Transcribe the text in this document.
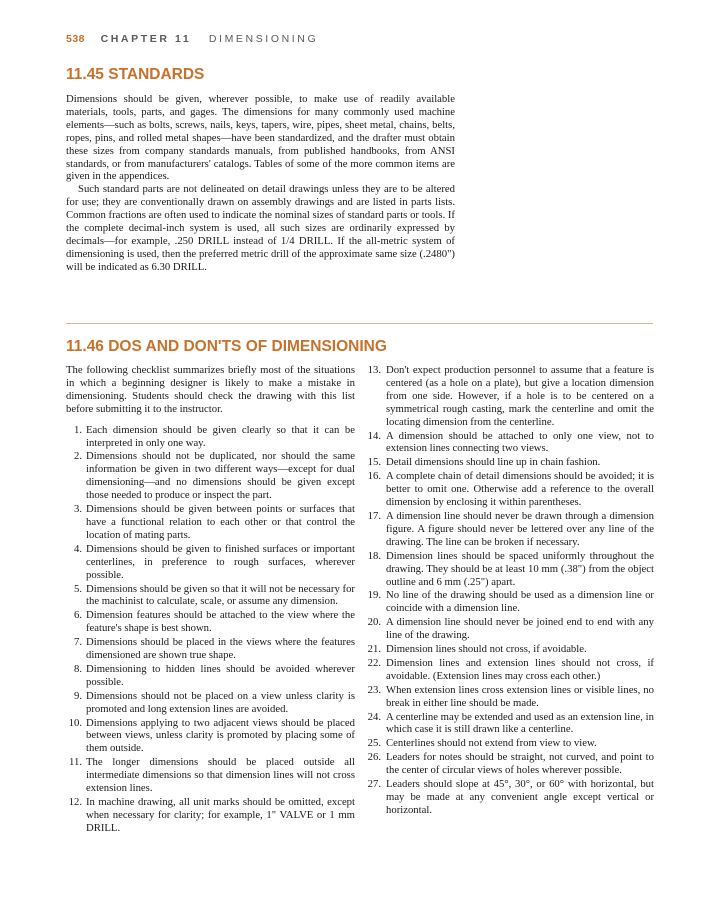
538 CHAPTER 11 DIMENSIONING
11.45 STANDARDS

Dimensions should be given, wherever possible, to make use of readily available materials, tools, parts, and gages. The dimensions for many commonly used machine elements—such as bolts, screws, nails, keys, tapers, wire, pipes, sheet metal, chains, belts, ropes, pins, and rolled metal shapes—have been standardized, and the drafter must obtain these sizes from company standards manuals, from published handbooks, from ANSI standards, or from manufacturers' catalogs. Tables of some of the more common items are given in the appendices.

Such standard parts are not delineated on detail drawings unless they are to be altered for use; they are conventionally drawn on assembly drawings and are listed in parts lists. Common fractions are often used to indicate the nominal sizes of standard parts or tools. If the complete decimal-inch system is used, all such sizes are ordinarily expressed by decimals—for example, .250 DRILL instead of 1/4 DRILL. If the all-metric system of dimensioning is used, then the preferred metric drill of the approximate same size (.2480") will be indicated as 6.30 DRILL.

11.46 DOS AND DON'TS OF DIMENSIONING

The following checklist summarizes briefly most of the situations in which a beginning designer is likely to make a mistake in dimensioning. Students should check the drawing with this list before submitting it to the instructor.

1. Each dimension should be given clearly so that it can be interpreted in only one way.
2. Dimensions should not be duplicated, nor should the same information be given in two different ways—except for dual dimensioning—and no dimensions should be given except those needed to produce or inspect the part.
3. Dimensions should be given between points or surfaces that have a functional relation to each other or that control the location of mating parts.
4. Dimensions should be given to finished surfaces or important centerlines, in preference to rough surfaces, wherever possible.
5. Dimensions should be given so that it will not be necessary for the machinist to calculate, scale, or assume any dimension.
6. Dimension features should be attached to the view where the feature's shape is best shown.
7. Dimensions should be placed in the views where the features dimensioned are shown true shape.
8. Dimensioning to hidden lines should be avoided wherever possible.
9. Dimensions should not be placed on a view unless clarity is promoted and long extension lines are avoided.
10. Dimensions applying to two adjacent views should be placed between views, unless clarity is promoted by placing some of them outside.
11. The longer dimensions should be placed outside all intermediate dimensions so that dimension lines will not cross extension lines.
12. In machine drawing, all unit marks should be omitted, except when necessary for clarity; for example, 1" VALVE or 1 mm DRILL.
13. Don't expect production personnel to assume that a feature is centered (as a hole on a plate), but give a location dimension from one side. However, if a hole is to be centered on a symmetrical rough casting, mark the centerline and omit the locating dimension from the centerline.
14. A dimension should be attached to only one view, not to extension lines connecting two views.
15. Detail dimensions should line up in chain fashion.
16. A complete chain of detail dimensions should be avoided; it is better to omit one. Otherwise add a reference to the overall dimension by enclosing it within parentheses.
17. A dimension line should never be drawn through a dimension figure. A figure should never be lettered over any line of the drawing. The line can be broken if necessary.
18. Dimension lines should be spaced uniformly throughout the drawing. They should be at least 10 mm (.38") from the object outline and 6 mm (.25") apart.
19. No line of the drawing should be used as a dimension line or coincide with a dimension line.
20. A dimension line should never be joined end to end with any line of the drawing.
21. Dimension lines should not cross, if avoidable.
22. Dimension lines and extension lines should not cross, if avoidable. (Extension lines may cross each other.)
23. When extension lines cross extension lines or visible lines, no break in either line should be made.
24. A centerline may be extended and used as an extension line, in which case it is still drawn like a centerline.
25. Centerlines should not extend from view to view.
26. Leaders for notes should be straight, not curved, and point to the center of circular views of holes wherever possible.
27. Leaders should slope at 45°, 30°, or 60° with horizontal, but may be made at any convenient angle except vertical or horizontal.
